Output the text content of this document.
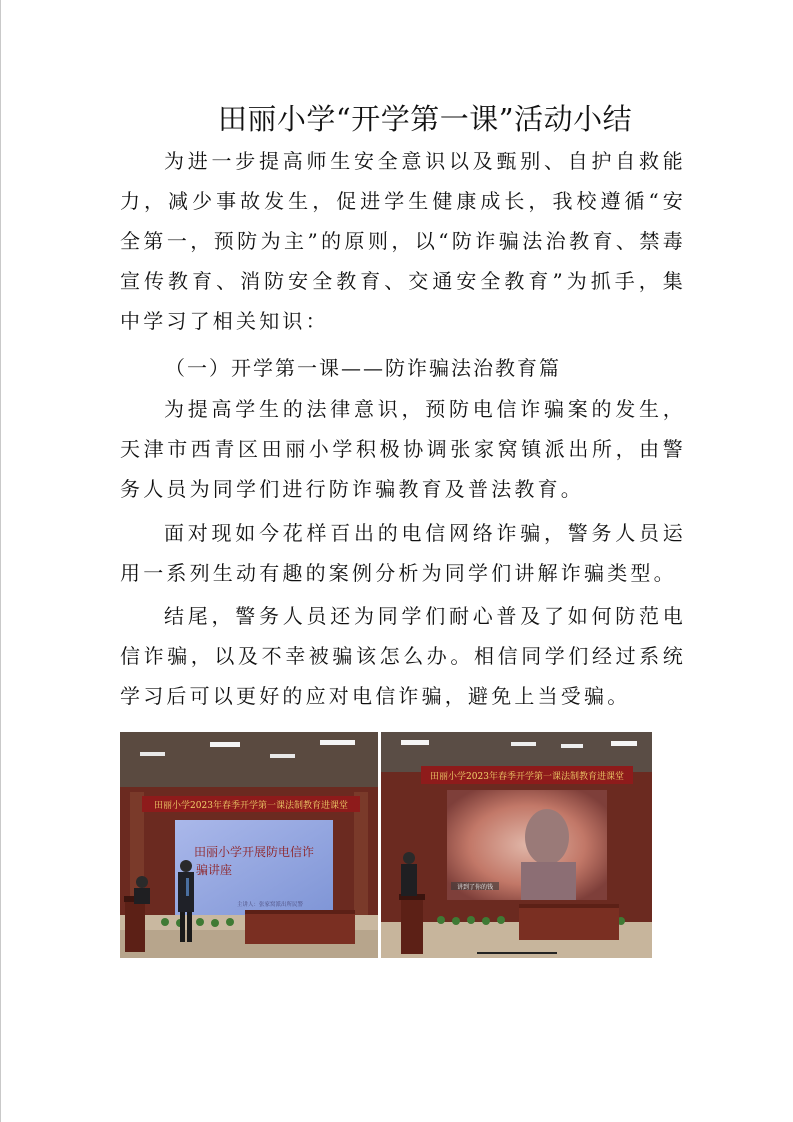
田丽小学“开学第一课”活动小结

为进一步提高师生安全意识以及甄别、自护自救能力，减少事故发生，促进学生健康成长，我校遵循“安全第一，预防为主”的原则，以“防诈骗法治教育、禁毒宣传教育、消防安全教育、交通安全教育”为抓手，集中学习了相关知识：

（一）开学第一课——防诈骗法治教育篇

为提高学生的法律意识，预防电信诈骗案的发生，天津市西青区田丽小学积极协调张家窝镇派出所，由警务人员为同学们进行防诈骗教育及普法教育。

面对现如今花样百出的电信网络诈骗，警务人员运用一系列生动有趣的案例分析为同学们讲解诈骗类型。

结尾，警务人员还为同学们耐心普及了如何防范电信诈骗，以及不幸被骗该怎么办。相信同学们经过系统学习后可以更好的应对电信诈骗，避免上当受骗。

田丽小学2023年春季开学第一课法制教育进课堂
田丽小学开展防电信诈
骗讲座
主讲人：张家窝派出所民警
田丽小学2023年春季开学第一课法制教育进课堂
讲到了你的钱
